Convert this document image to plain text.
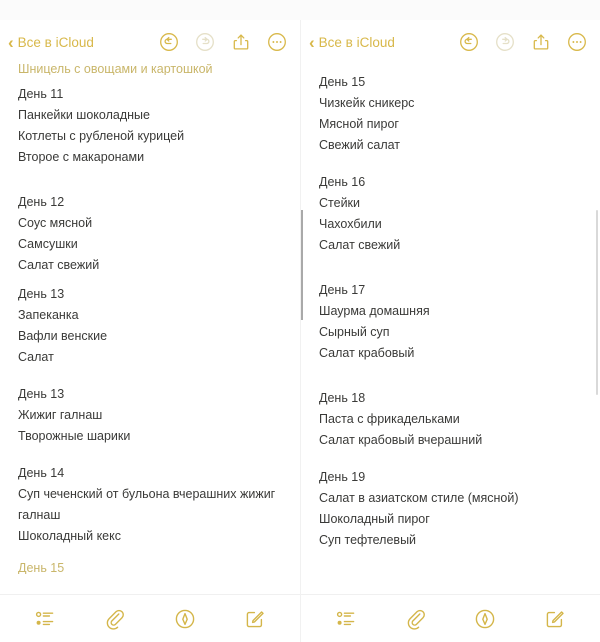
‹ Все в iCloud
Шницель с овощами и картошкой
День 11
Панкейки шоколадные
Котлеты с рубленой курицей
Второе с макаронами
День 12
Соус мясной
Самсушки
Салат свежий
День 13
Запеканка
Вафли венские
Салат
День 13
Жижиг галнаш
Творожные шарики
День 14
Суп чеченский от бульона вчерашних жижиг
галнаш
Шоколадный кекс
День 15
‹ Все в iCloud
День 15
Чизкейк сникерс
Мясной пирог
Свежий салат
День 16
Стейки
Чахохбили
Салат свежий
День 17
Шаурма домашняя
Сырный суп
Салат крабовый
День 18
Паста с фрикадельками
Салат крабовый вчерашний
День 19
Салат в азиатском стиле (мясной)
Шоколадный пирог
Суп тефтелевый
